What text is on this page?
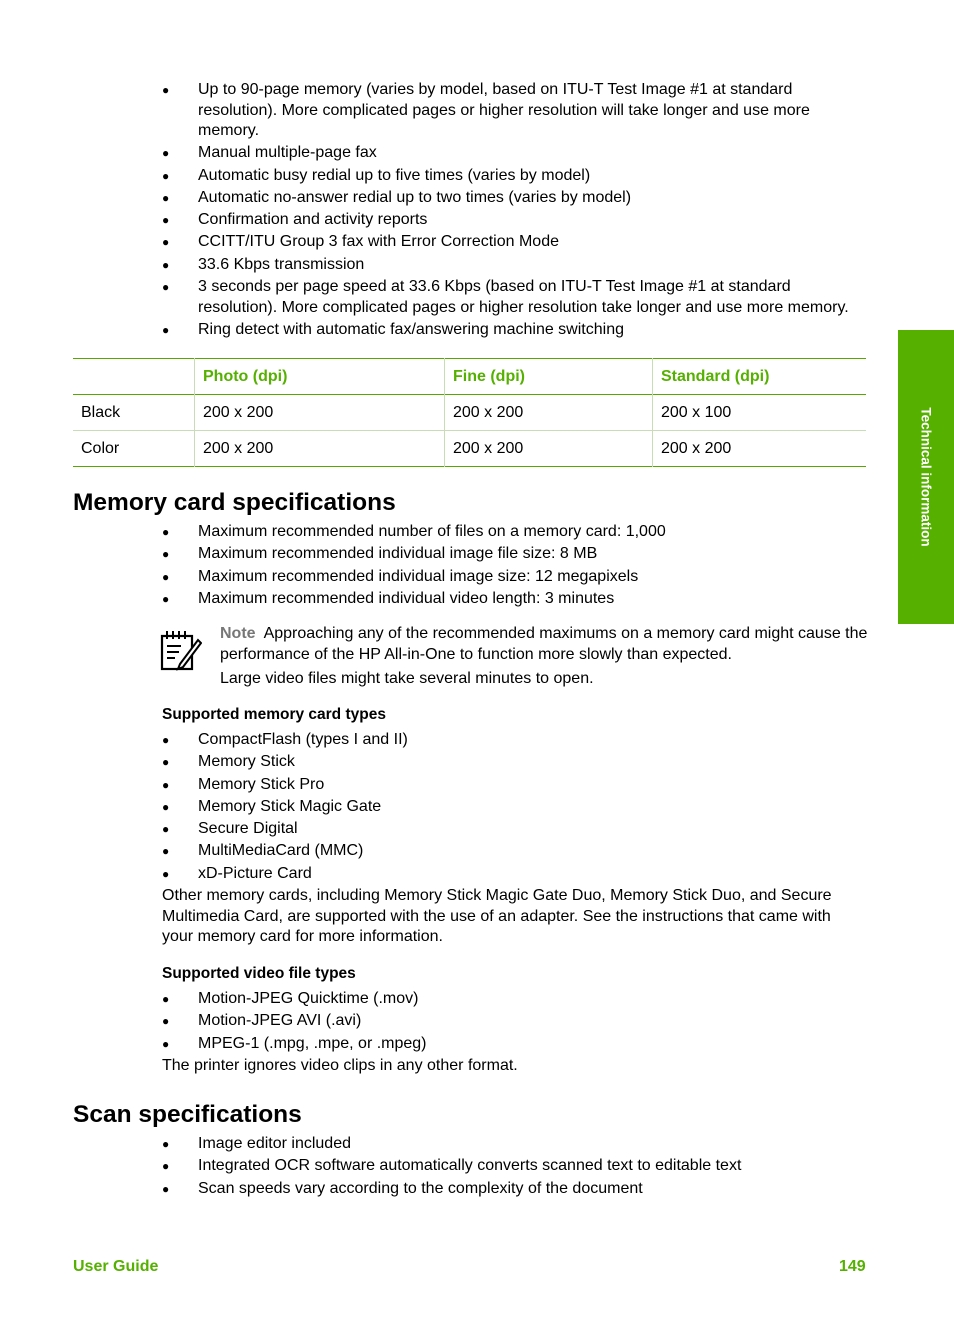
● Up to 90-page memory (varies by model, based on ITU-T Test Image #1 at standard resolution). More complicated pages or higher resolution will take longer and use more memory.
● Manual multiple-page fax
● Automatic busy redial up to five times (varies by model)
● Automatic no-answer redial up to two times (varies by model)
● Confirmation and activity reports
● CCITT/ITU Group 3 fax with Error Correction Mode
● 33.6 Kbps transmission
● 3 seconds per page speed at 33.6 Kbps (based on ITU-T Test Image #1 at standard resolution). More complicated pages or higher resolution take longer and use more memory.
● Ring detect with automatic fax/answering machine switching
	Photo (dpi)	Fine (dpi)	Standard (dpi)
Black	200 x 200	200 x 200	200 x 100
Color	200 x 200	200 x 200	200 x 200
Memory card specifications
● Maximum recommended number of files on a memory card: 1,000
● Maximum recommended individual image file size: 8 MB
● Maximum recommended individual image size: 12 megapixels
● Maximum recommended individual video length: 3 minutes
Note Approaching any of the recommended maximums on a memory card might cause the performance of the HP All-in-One to function more slowly than expected.
Large video files might take several minutes to open.
Supported memory card types
● CompactFlash (types I and II)
● Memory Stick
● Memory Stick Pro
● Memory Stick Magic Gate
● Secure Digital
● MultiMediaCard (MMC)
● xD-Picture Card

Other memory cards, including Memory Stick Magic Gate Duo, Memory Stick Duo, and Secure Multimedia Card, are supported with the use of an adapter. See the instructions that came with your memory card for more information.

Supported video file types
● Motion-JPEG Quicktime (.mov)
● Motion-JPEG AVI (.avi)
● MPEG-1 (.mpg, .mpe, or .mpeg)

The printer ignores video clips in any other format.

Scan specifications
● Image editor included
● Integrated OCR software automatically converts scanned text to editable text
● Scan speeds vary according to the complexity of the document
Technical information
User Guide	149
